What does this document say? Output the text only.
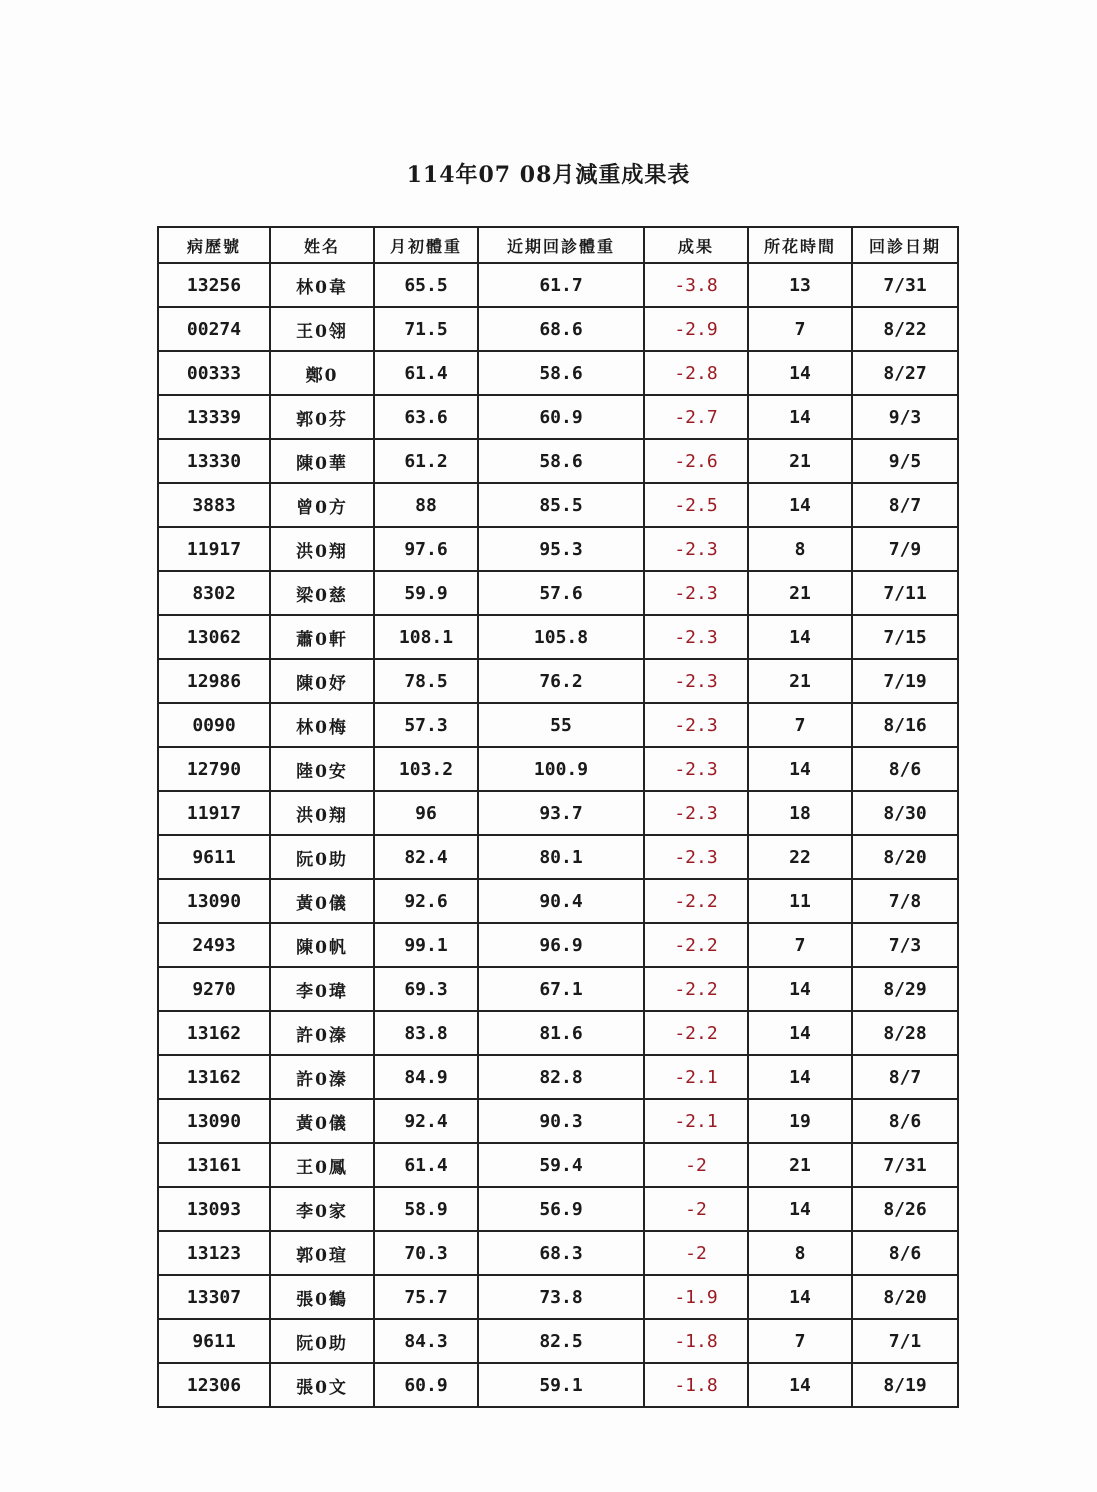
114年07 08月減重成果表
病歷號	姓名	月初體重	近期回診體重	成果	所花時間	回診日期
13256	林0韋	65.5	61.7	-3.8	13	7/31
00274	王0翎	71.5	68.6	-2.9	7	8/22
00333	鄭0	61.4	58.6	-2.8	14	8/27
13339	郭0芬	63.6	60.9	-2.7	14	9/3
13330	陳0華	61.2	58.6	-2.6	21	9/5
3883	曾0方	88	85.5	-2.5	14	8/7
11917	洪0翔	97.6	95.3	-2.3	8	7/9
8302	梁0慈	59.9	57.6	-2.3	21	7/11
13062	蕭0軒	108.1	105.8	-2.3	14	7/15
12986	陳0妤	78.5	76.2	-2.3	21	7/19
0090	林0梅	57.3	55	-2.3	7	8/16
12790	陸0安	103.2	100.9	-2.3	14	8/6
11917	洪0翔	96	93.7	-2.3	18	8/30
9611	阮0助	82.4	80.1	-2.3	22	8/20
13090	黃0儀	92.6	90.4	-2.2	11	7/8
2493	陳0帆	99.1	96.9	-2.2	7	7/3
9270	李0瑋	69.3	67.1	-2.2	14	8/29
13162	許0溱	83.8	81.6	-2.2	14	8/28
13162	許0溱	84.9	82.8	-2.1	14	8/7
13090	黃0儀	92.4	90.3	-2.1	19	8/6
13161	王0鳳	61.4	59.4	-2	21	7/31
13093	李0家	58.9	56.9	-2	14	8/26
13123	郭0瑄	70.3	68.3	-2	8	8/6
13307	張0鶴	75.7	73.8	-1.9	14	8/20
9611	阮0助	84.3	82.5	-1.8	7	7/1
12306	張0文	60.9	59.1	-1.8	14	8/19
